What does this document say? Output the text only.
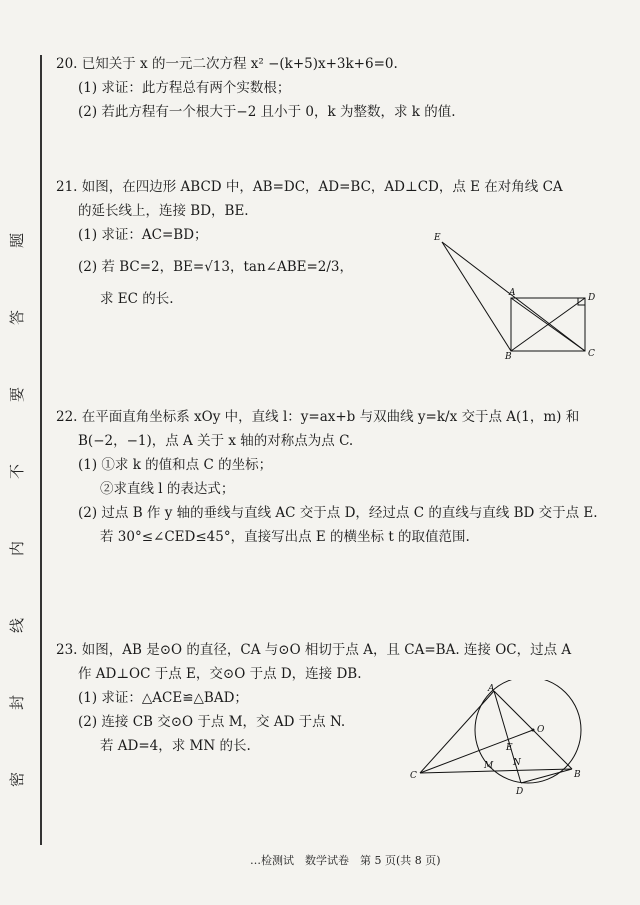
题
答
要
不
内
线
封
密
20. 已知关于 x 的一元二次方程 x² −(k+5)x+3k+6=0.
(1) 求证：此方程总有两个实数根；
(2) 若此方程有一个根大于−2 且小于 0，k 为整数，求 k 的值.
21. 如图，在四边形 ABCD 中，AB=DC，AD=BC，AD⊥CD，点 E 在对角线 CA
的延长线上，连接 BD，BE.
(1) 求证：AC=BD；
(2) 若 BC=2，BE=√13，tan∠ABE=2/3，
求 EC 的长.
E
A	D
B	C
22. 在平面直角坐标系 xOy 中，直线 l：y=ax+b 与双曲线 y=k/x 交于点 A(1，m) 和
B(−2，−1)，点 A 关于 x 轴的对称点为点 C.
(1) ①求 k 的值和点 C 的坐标；
②求直线 l 的表达式；
(2) 过点 B 作 y 轴的垂线与直线 AC 交于点 D，经过点 C 的直线与直线 BD 交于点 E.
若 30°≤∠CED≤45°，直接写出点 E 的横坐标 t 的取值范围.
23. 如图，AB 是⊙O 的直径，CA 与⊙O 相切于点 A，且 CA=BA. 连接 OC，过点 A
作 AD⊥OC 于点 E，交⊙O 于点 D，连接 DB.
(1) 求证：△ACE≌△BAD；
(2) 连接 CB 交⊙O 于点 M，交 AD 于点 N.
若 AD=4，求 MN 的长.
A
O
E
C	B
D
M N
…检测试　数学试卷　第 5 页(共 8 页)
